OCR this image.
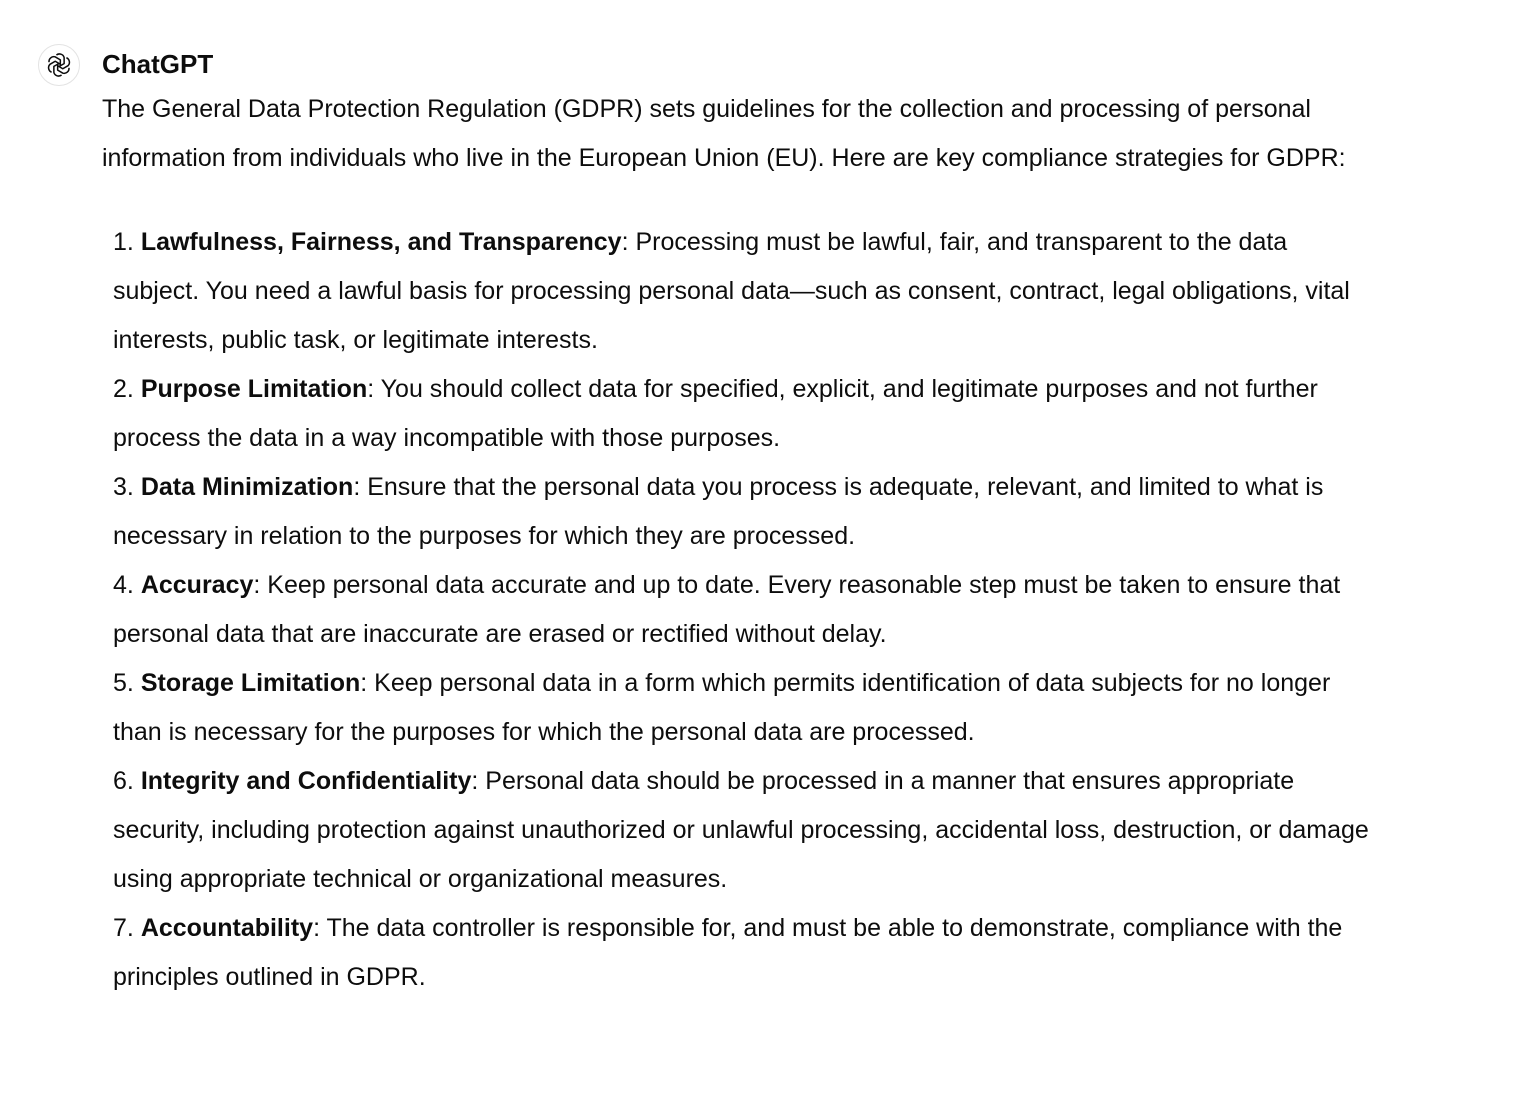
ChatGPT

The General Data Protection Regulation (GDPR) sets guidelines for the collection and processing of personal information from individuals who live in the European Union (EU). Here are key compliance strategies for GDPR:

1. Lawfulness, Fairness, and Transparency: Processing must be lawful, fair, and transparent to the data subject. You need a lawful basis for processing personal data—such as consent, contract, legal obligations, vital interests, public task, or legitimate interests.
2. Purpose Limitation: You should collect data for specified, explicit, and legitimate purposes and not further process the data in a way incompatible with those purposes.
3. Data Minimization: Ensure that the personal data you process is adequate, relevant, and limited to what is necessary in relation to the purposes for which they are processed.
4. Accuracy: Keep personal data accurate and up to date. Every reasonable step must be taken to ensure that personal data that are inaccurate are erased or rectified without delay.
5. Storage Limitation: Keep personal data in a form which permits identification of data subjects for no longer than is necessary for the purposes for which the personal data are processed.
6. Integrity and Confidentiality: Personal data should be processed in a manner that ensures appropriate security, including protection against unauthorized or unlawful processing, accidental loss, destruction, or damage using appropriate technical or organizational measures.
7. Accountability: The data controller is responsible for, and must be able to demonstrate, compliance with the principles outlined in GDPR.
